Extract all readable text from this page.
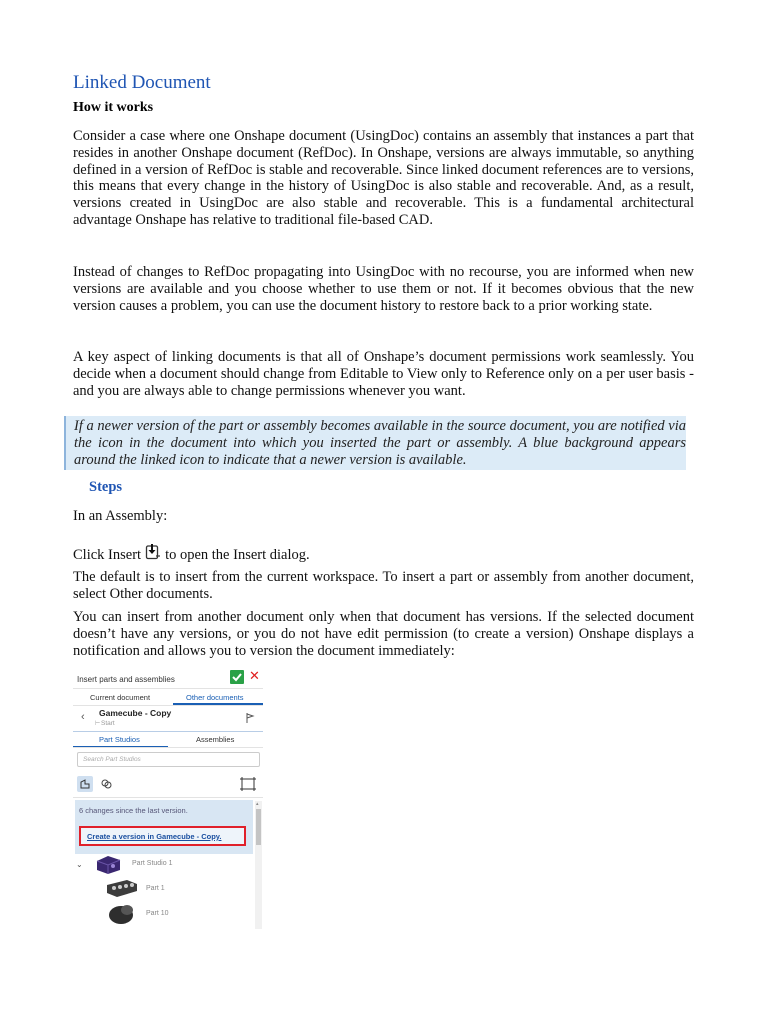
Linked Document

How it works

Consider a case where one Onshape document (UsingDoc) contains an assembly that instances a part that resides in another Onshape document (RefDoc). In Onshape, versions are always immutable, so anything defined in a version of RefDoc is stable and recoverable. Since linked document references are to versions, this means that every change in the history of UsingDoc is also stable and recoverable. And, as a result, versions created in UsingDoc are also stable and recoverable. This is a fundamental architectural advantage Onshape has relative to traditional file-based CAD.

Instead of changes to RefDoc propagating into UsingDoc with no recourse, you are informed when new versions are available and you choose whether to use them or not. If it becomes obvious that the new version causes a problem, you can use the document history to restore back to a prior working state.

A key aspect of linking documents is that all of Onshape’s document permissions work seamlessly. You decide when a document should change from Editable to View only to Reference only on a per user basis - and you are always able to change permissions whenever you want.

Steps

In an Assembly:

Click Insert to open the Insert dialog.

The default is to insert from the current workspace. To insert a part or assembly from another document, select Other documents.

You can insert from another document only when that document has versions. If the selected document doesn’t have any versions, or you do not have edit permission (to create a version) Onshape displays a notification and allows you to version the document immediately:

If a newer version of the part or assembly becomes available in the source document, you are notified via the icon in the document into which you inserted the part or assembly. A blue background appears around the linked icon to indicate that a newer version is available.
Insert parts and assemblies	✕
Current document	Other documents
‹ Gamecube - Copy
⊢ Start
Part Studios	Assemblies
Search Part Studios
6 changes since the last version.
Create a version in Gamecube - Copy.
▴
⌄	Part Studio 1
Part 1
Part 10
